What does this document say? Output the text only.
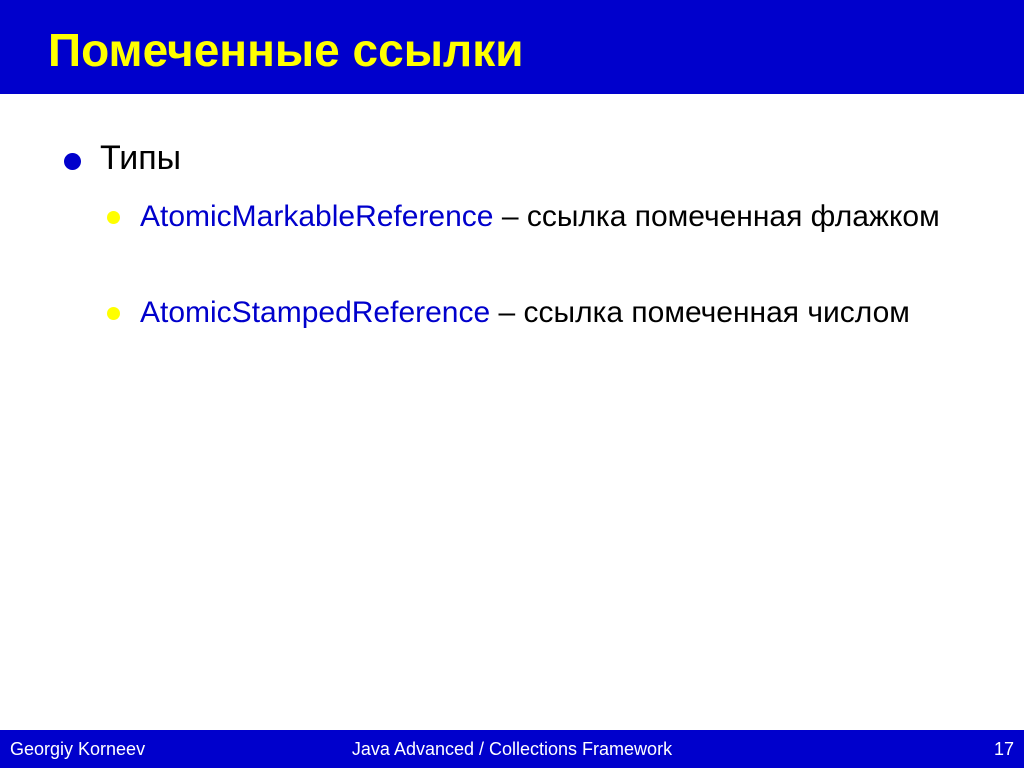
Помеченные ссылки
Типы
AtomicMarkableReference – ссылка помеченная флажком
AtomicStampedReference – ссылка помеченная числом
Georgiy Korneev	Java Advanced / Collections Framework	17
